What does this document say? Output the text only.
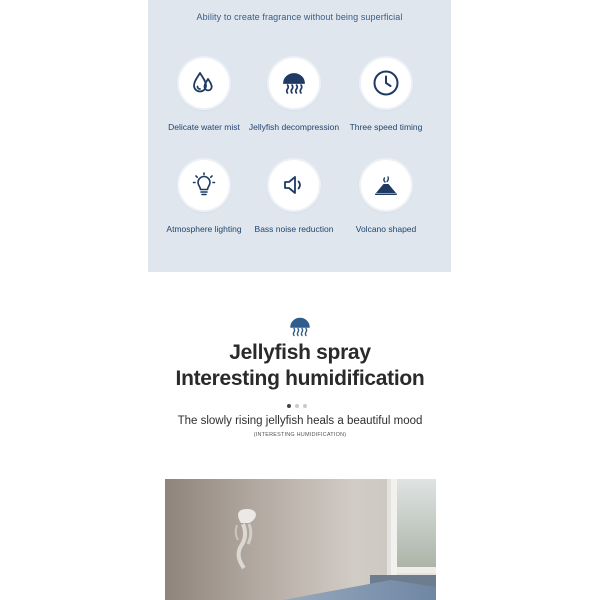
Ability to create fragrance without being superficial
Delicate water mist	Jellyfish decompression	Three speed timing
Atmosphere lighting	Bass noise reduction	Volcano shaped
Jellyfish spray
Interesting humidification
The slowly rising jellyfish heals a beautiful mood
(INTERESTING HUMIDIFICATION)
